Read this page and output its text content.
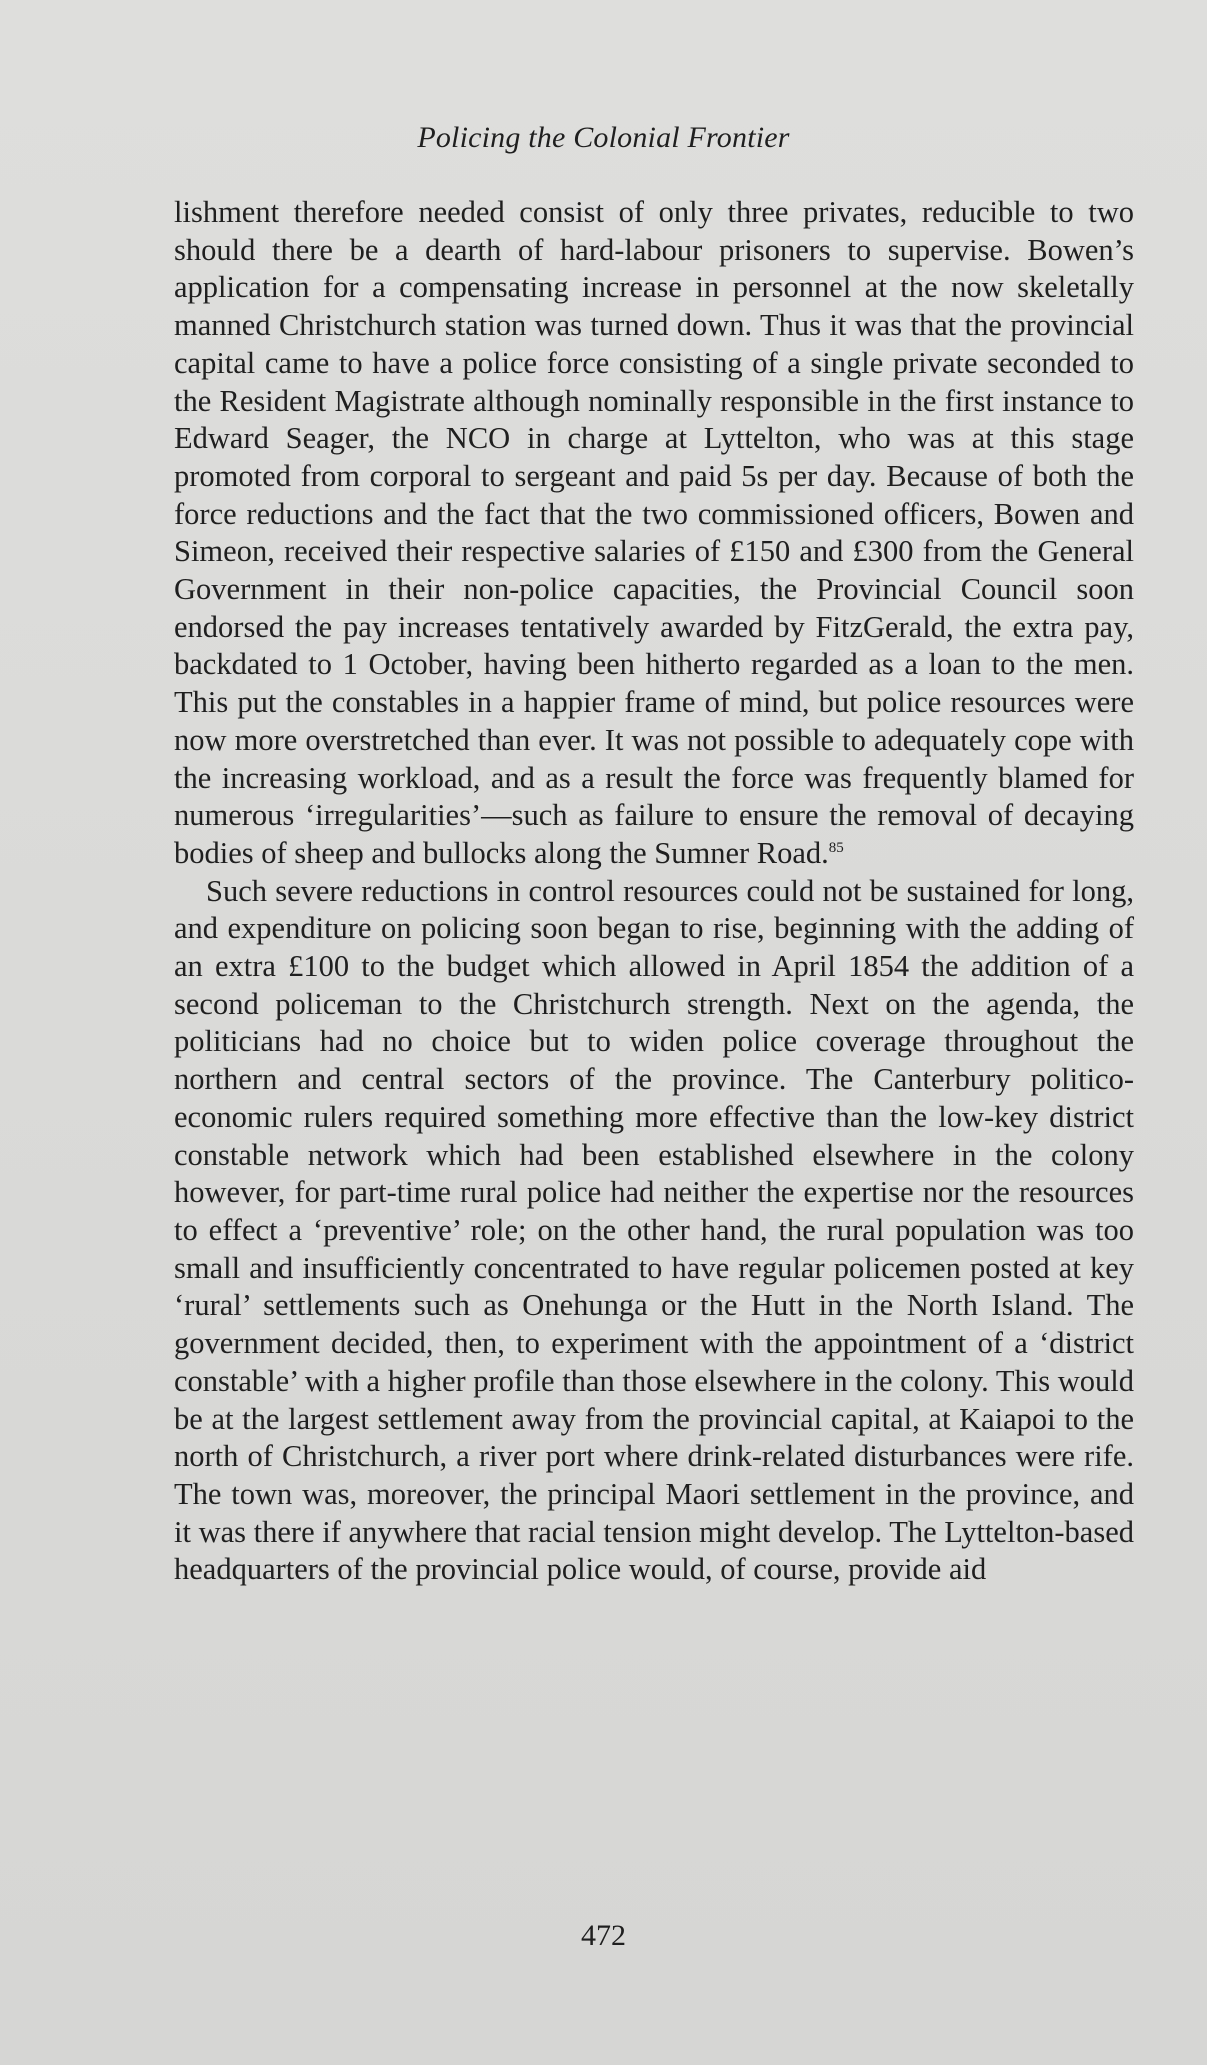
Policing the Colonial Frontier

lishment therefore needed consist of only three privates, reducible to two should there be a dearth of hard-labour prisoners to supervise. Bowen’s application for a compensating increase in personnel at the now skeletally manned Christchurch station was turned down. Thus it was that the provincial capital came to have a police force consisting of a single private seconded to the Resident Magistrate although nominally responsible in the first instance to Edward Seager, the NCO in charge at Lyttelton, who was at this stage promoted from corporal to sergeant and paid 5s per day. Because of both the force reductions and the fact that the two commissioned officers, Bowen and Simeon, received their respective salaries of £150 and £300 from the General Government in their non-police capacities, the Provincial Council soon endorsed the pay increases tentatively awarded by FitzGerald, the extra pay, backdated to 1 October, having been hitherto regarded as a loan to the men. This put the constables in a happier frame of mind, but police resources were now more overstretched than ever. It was not possible to adequately cope with the increasing workload, and as a result the force was frequently blamed for numerous ‘irregularities’—such as failure to ensure the removal of decaying bodies of sheep and bullocks along the Sumner Road.$^{85}$

Such severe reductions in control resources could not be sustained for long, and expenditure on policing soon began to rise, beginning with the adding of an extra £100 to the budget which allowed in April 1854 the addition of a second policeman to the Christchurch strength. Next on the agenda, the politicians had no choice but to widen police coverage throughout the northern and central sectors of the province. The Canterbury politico-economic rulers required something more effective than the low-key district constable network which had been established elsewhere in the colony however, for part-time rural police had neither the expertise nor the resources to effect a ‘preventive’ role; on the other hand, the rural population was too small and insufficiently concentrated to have regular policemen posted at key ‘rural’ settlements such as Onehunga or the Hutt in the North Island. The government decided, then, to experiment with the appointment of a ‘district constable’ with a higher profile than those elsewhere in the colony. This would be at the largest settlement away from the provincial capital, at Kaiapoi to the north of Christchurch, a river port where drink-related disturbances were rife. The town was, moreover, the principal Maori settlement in the province, and it was there if anywhere that racial tension might develop. The Lyttelton-based headquarters of the provincial police would, of course, provide aid

472
